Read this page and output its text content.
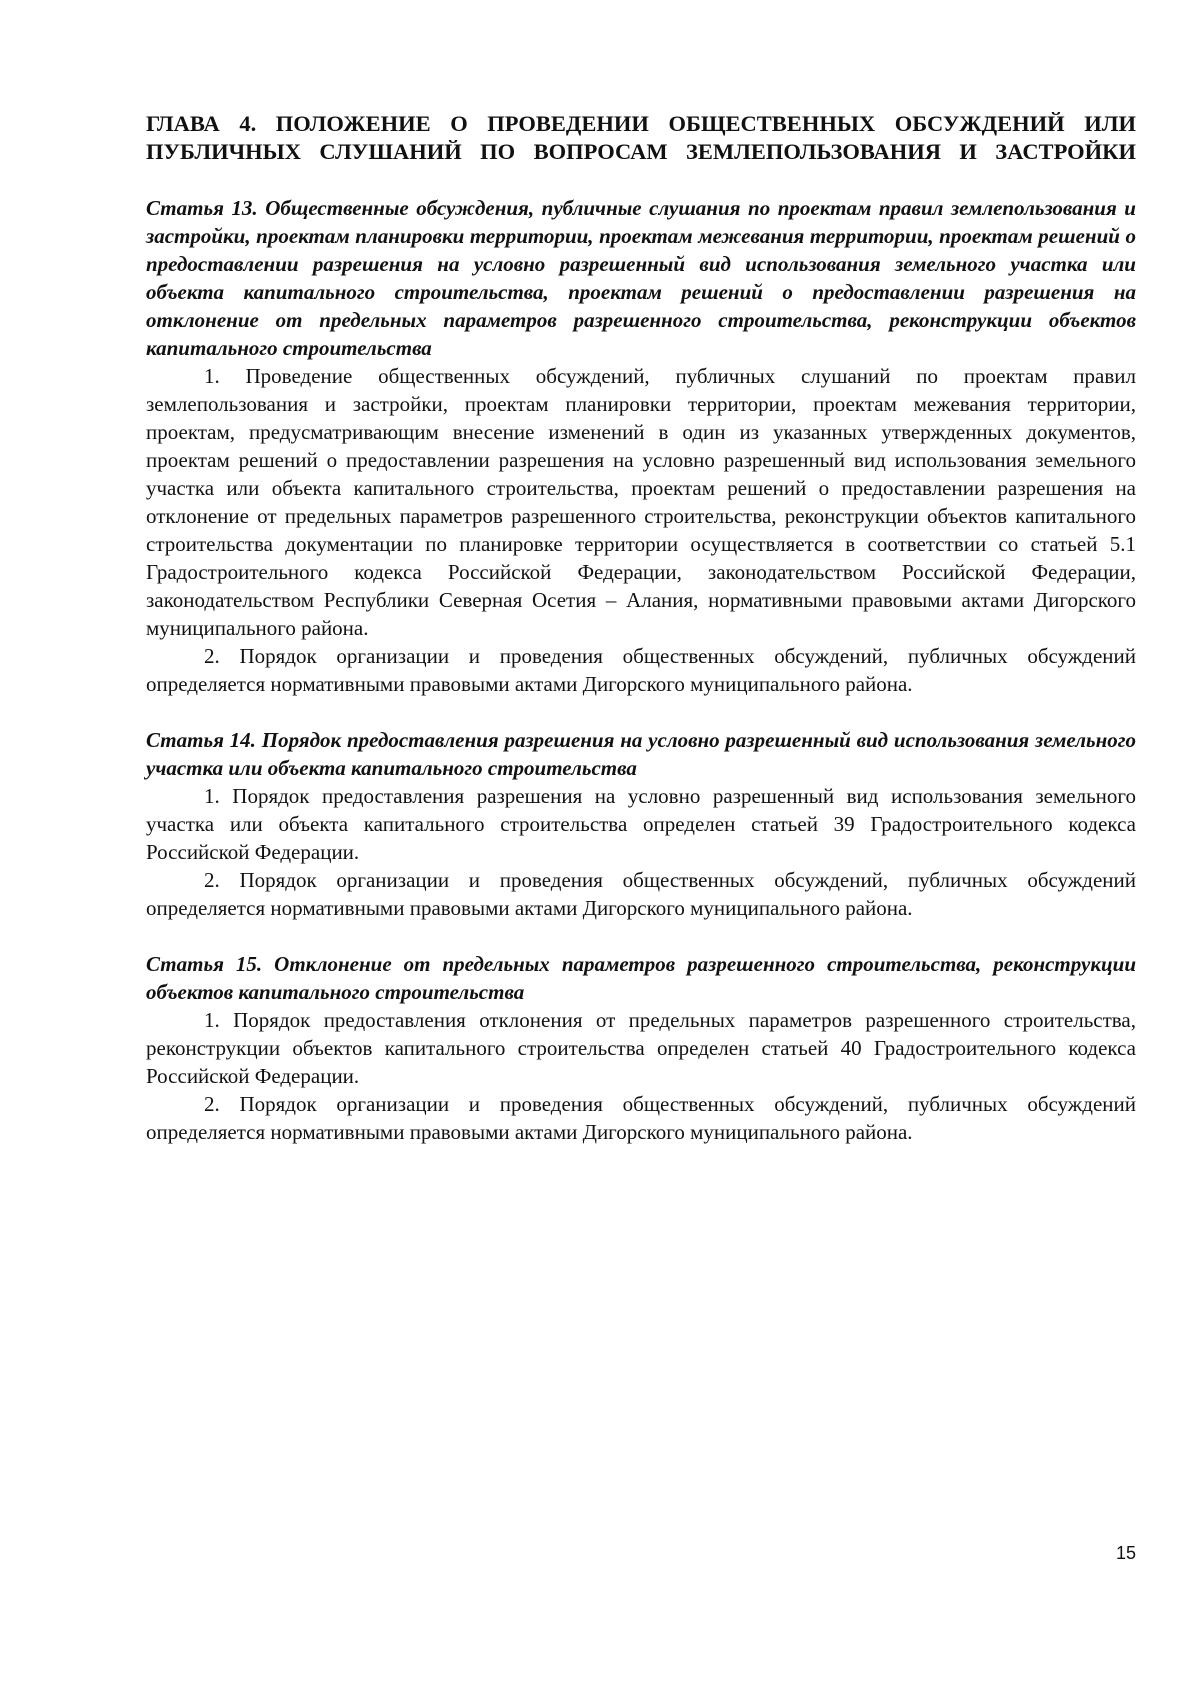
ГЛАВА 4. ПОЛОЖЕНИЕ О ПРОВЕДЕНИИ ОБЩЕСТВЕННЫХ ОБСУЖДЕНИЙ ИЛИ ПУБЛИЧНЫХ СЛУШАНИЙ ПО ВОПРОСАМ ЗЕМЛЕПОЛЬЗОВАНИЯ И ЗАСТРОЙКИ

Статья 13. Общественные обсуждения, публичные слушания по проектам правил землепользования и застройки, проектам планировки территории, проектам межевания территории, проектам решений о предоставлении разрешения на условно разрешенный вид использования земельного участка или объекта капитального строительства, проектам решений о предоставлении разрешения на отклонение от предельных параметров разрешенного строительства, реконструкции объектов капитального строительства

1. Проведение общественных обсуждений, публичных слушаний по проектам правил землепользования и застройки, проектам планировки территории, проектам межевания территории, проектам, предусматривающим внесение изменений в один из указанных утвержденных документов, проектам решений о предоставлении разрешения на условно разрешенный вид использования земельного участка или объекта капитального строительства, проектам решений о предоставлении разрешения на отклонение от предельных параметров разрешенного строительства, реконструкции объектов капитального строительства документации по планировке территории осуществляется в соответствии со статьей 5.1 Градостроительного кодекса Российской Федерации, законодательством Российской Федерации, законодательством Республики Северная Осетия – Алания, нормативными правовыми актами Дигорского муниципального района.

2. Порядок организации и проведения общественных обсуждений, публичных обсуждений определяется нормативными правовыми актами Дигорского муниципального района.

Статья 14. Порядок предоставления разрешения на условно разрешенный вид использования земельного участка или объекта капитального строительства

1. Порядок предоставления разрешения на условно разрешенный вид использования земельного участка или объекта капитального строительства определен статьей 39 Градостроительного кодекса Российской Федерации.

2. Порядок организации и проведения общественных обсуждений, публичных обсуждений определяется нормативными правовыми актами Дигорского муниципального района.

Статья 15. Отклонение от предельных параметров разрешенного строительства, реконструкции объектов капитального строительства

1. Порядок предоставления отклонения от предельных параметров разрешенного строительства, реконструкции объектов капитального строительства определен статьей 40 Градостроительного кодекса Российской Федерации.

2. Порядок организации и проведения общественных обсуждений, публичных обсуждений определяется нормативными правовыми актами Дигорского муниципального района.

15
